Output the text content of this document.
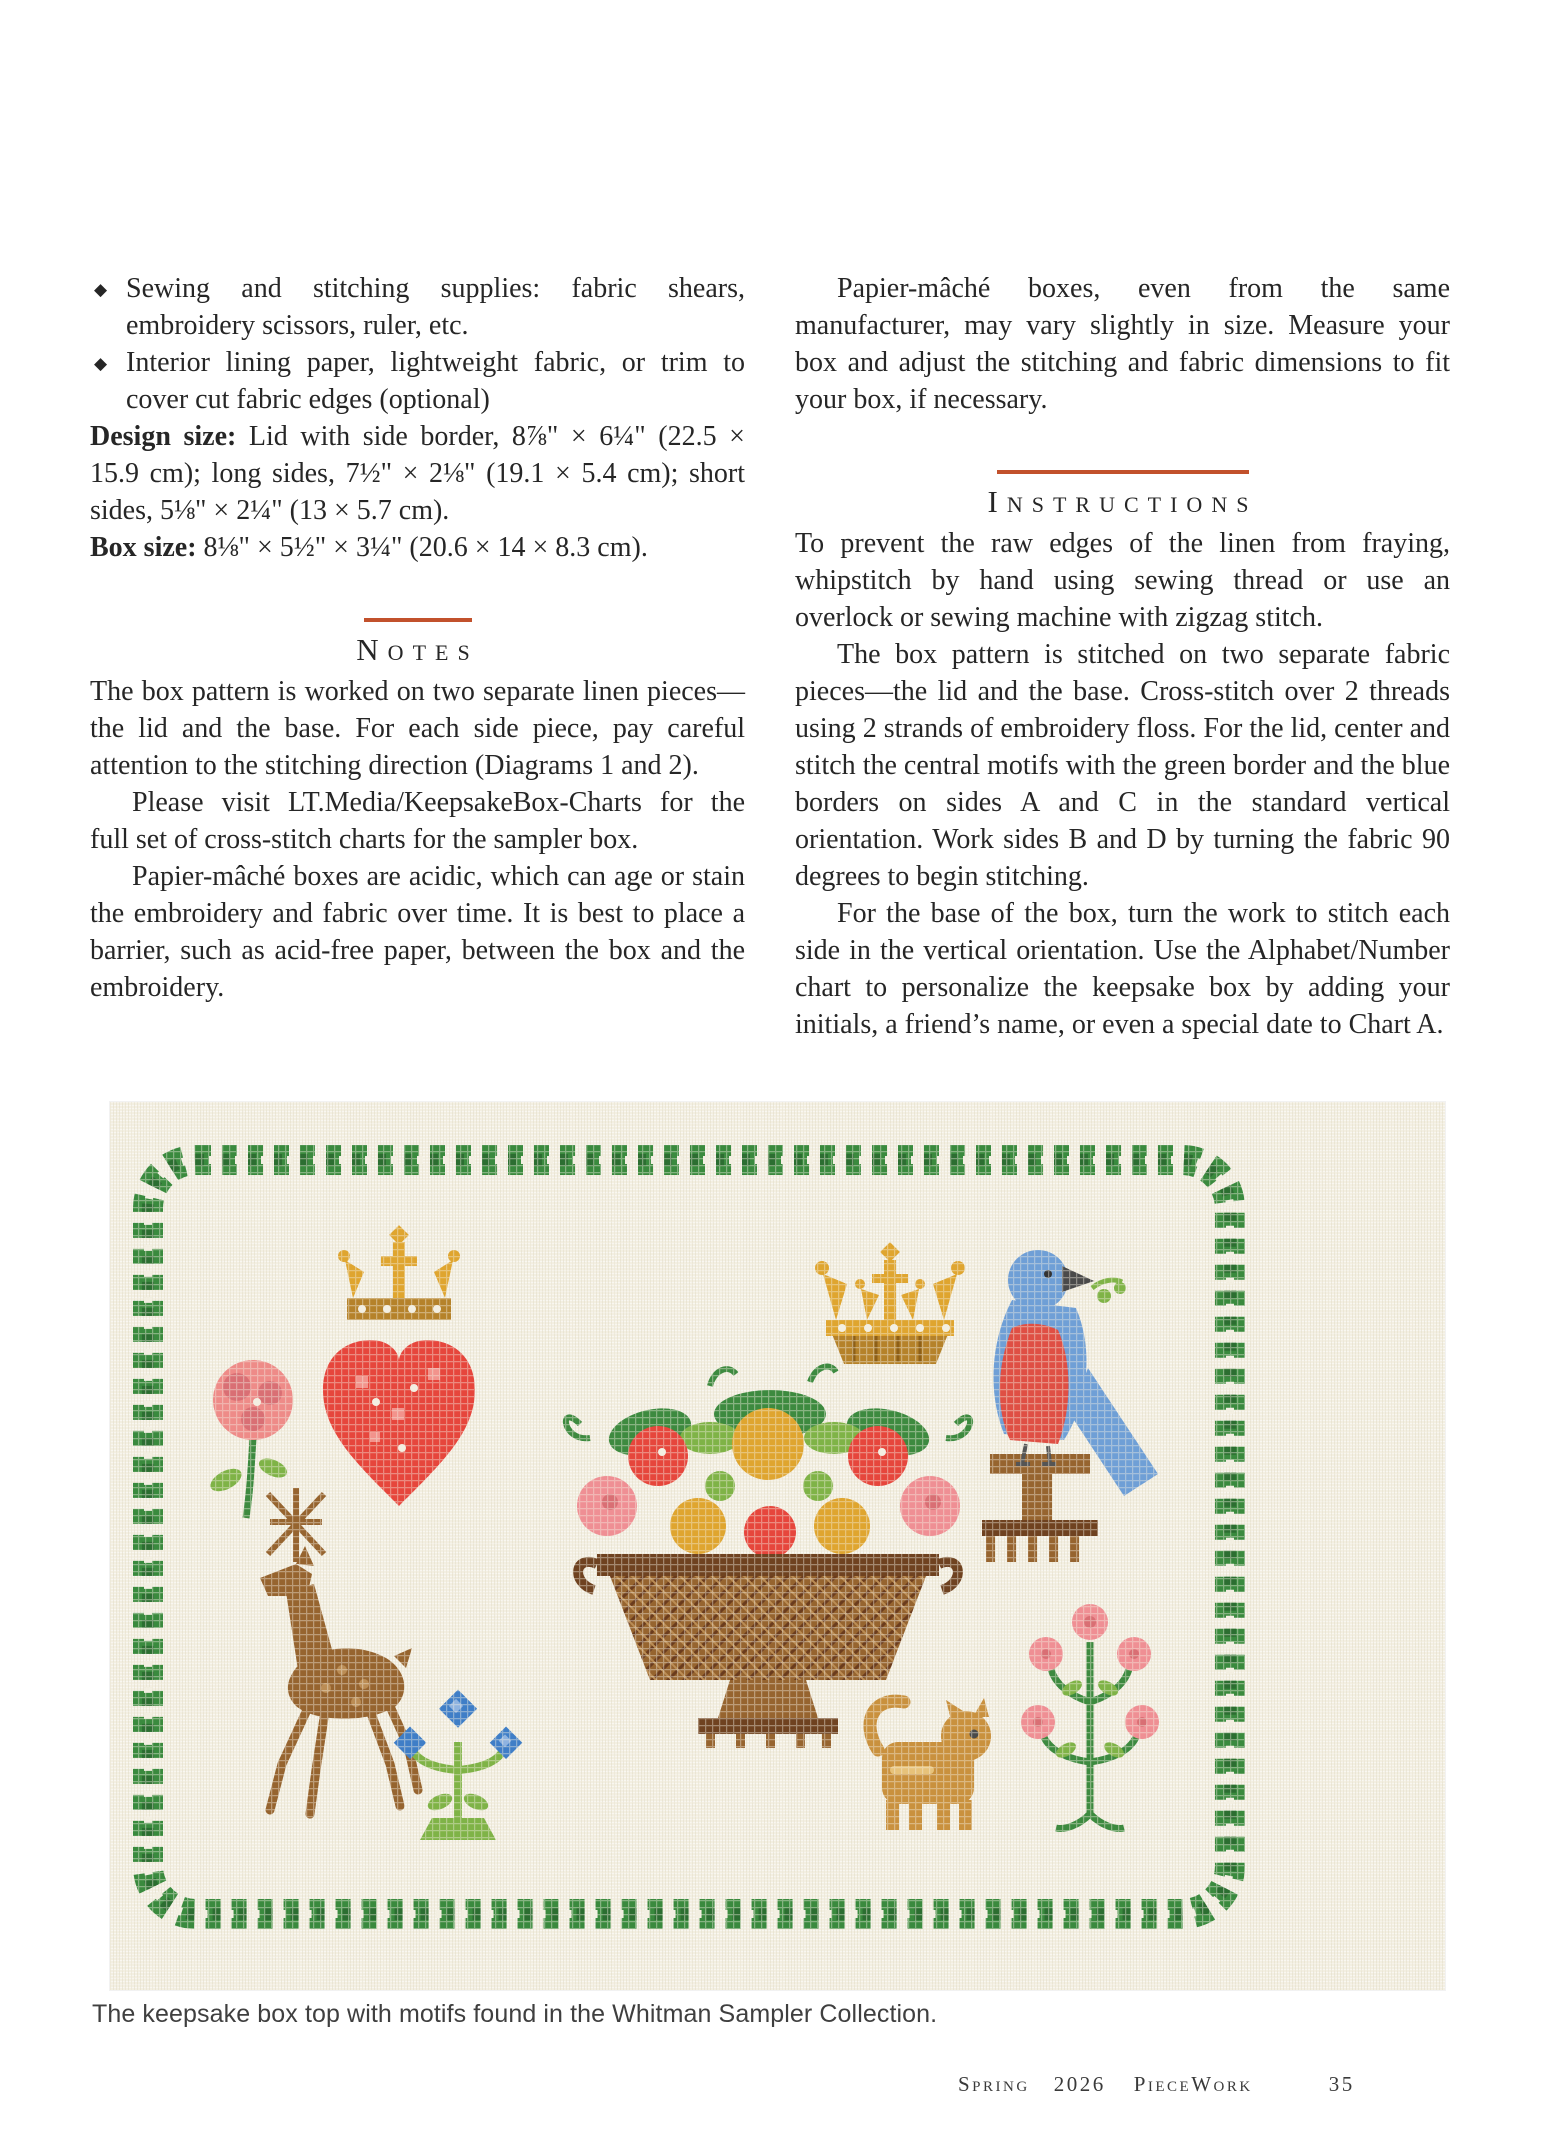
◆ Sewing and stitching supplies: fabric shears, embroidery scissors, ruler, etc.
◆ Interior lining paper, lightweight fabric, or trim to cover cut fabric edges (optional)

Design size: Lid with side border, 8⅞" × 6¼" (22.5 × 15.9 cm); long sides, 7½" × 2⅛" (19.1 × 5.4 cm); short sides, 5⅛" × 2¼" (13 × 5.7 cm).

Box size: 8⅛" × 5½" × 3¼" (20.6 × 14 × 8.3 cm).

Notes

The box pattern is worked on two separate linen pieces—the lid and the base. For each side piece, pay careful attention to the stitching direction (Diagrams 1 and 2).

Please visit LT.Media/KeepsakeBox-Charts for the full set of cross-stitch charts for the sampler box.

Papier-mâché boxes are acidic, which can age or stain the embroidery and fabric over time. It is best to place a barrier, such as acid-free paper, between the box and the embroidery.

Papier-mâché boxes, even from the same manufacturer, may vary slightly in size. Measure your box and adjust the stitching and fabric dimensions to fit your box, if necessary.

Instructions

To prevent the raw edges of the linen from fraying, whipstitch by hand using sewing thread or use an overlock or sewing machine with zigzag stitch.

The box pattern is stitched on two separate fabric pieces—the lid and the base. Cross-stitch over 2 threads using 2 strands of embroidery floss. For the lid, center and stitch the central motifs with the green border and the blue borders on sides A and C in the standard vertical orientation. Work sides B and D by turning the fabric 90 degrees to begin stitching.

For the base of the box, turn the work to stitch each side in the vertical orientation. Use the Alphabet/Number chart to personalize the keepsake box by adding your initials, a friend’s name, or even a special date to Chart A.

The keepsake box top with motifs found in the Whitman Sampler Collection.
Spring 2026 PieceWork	35
